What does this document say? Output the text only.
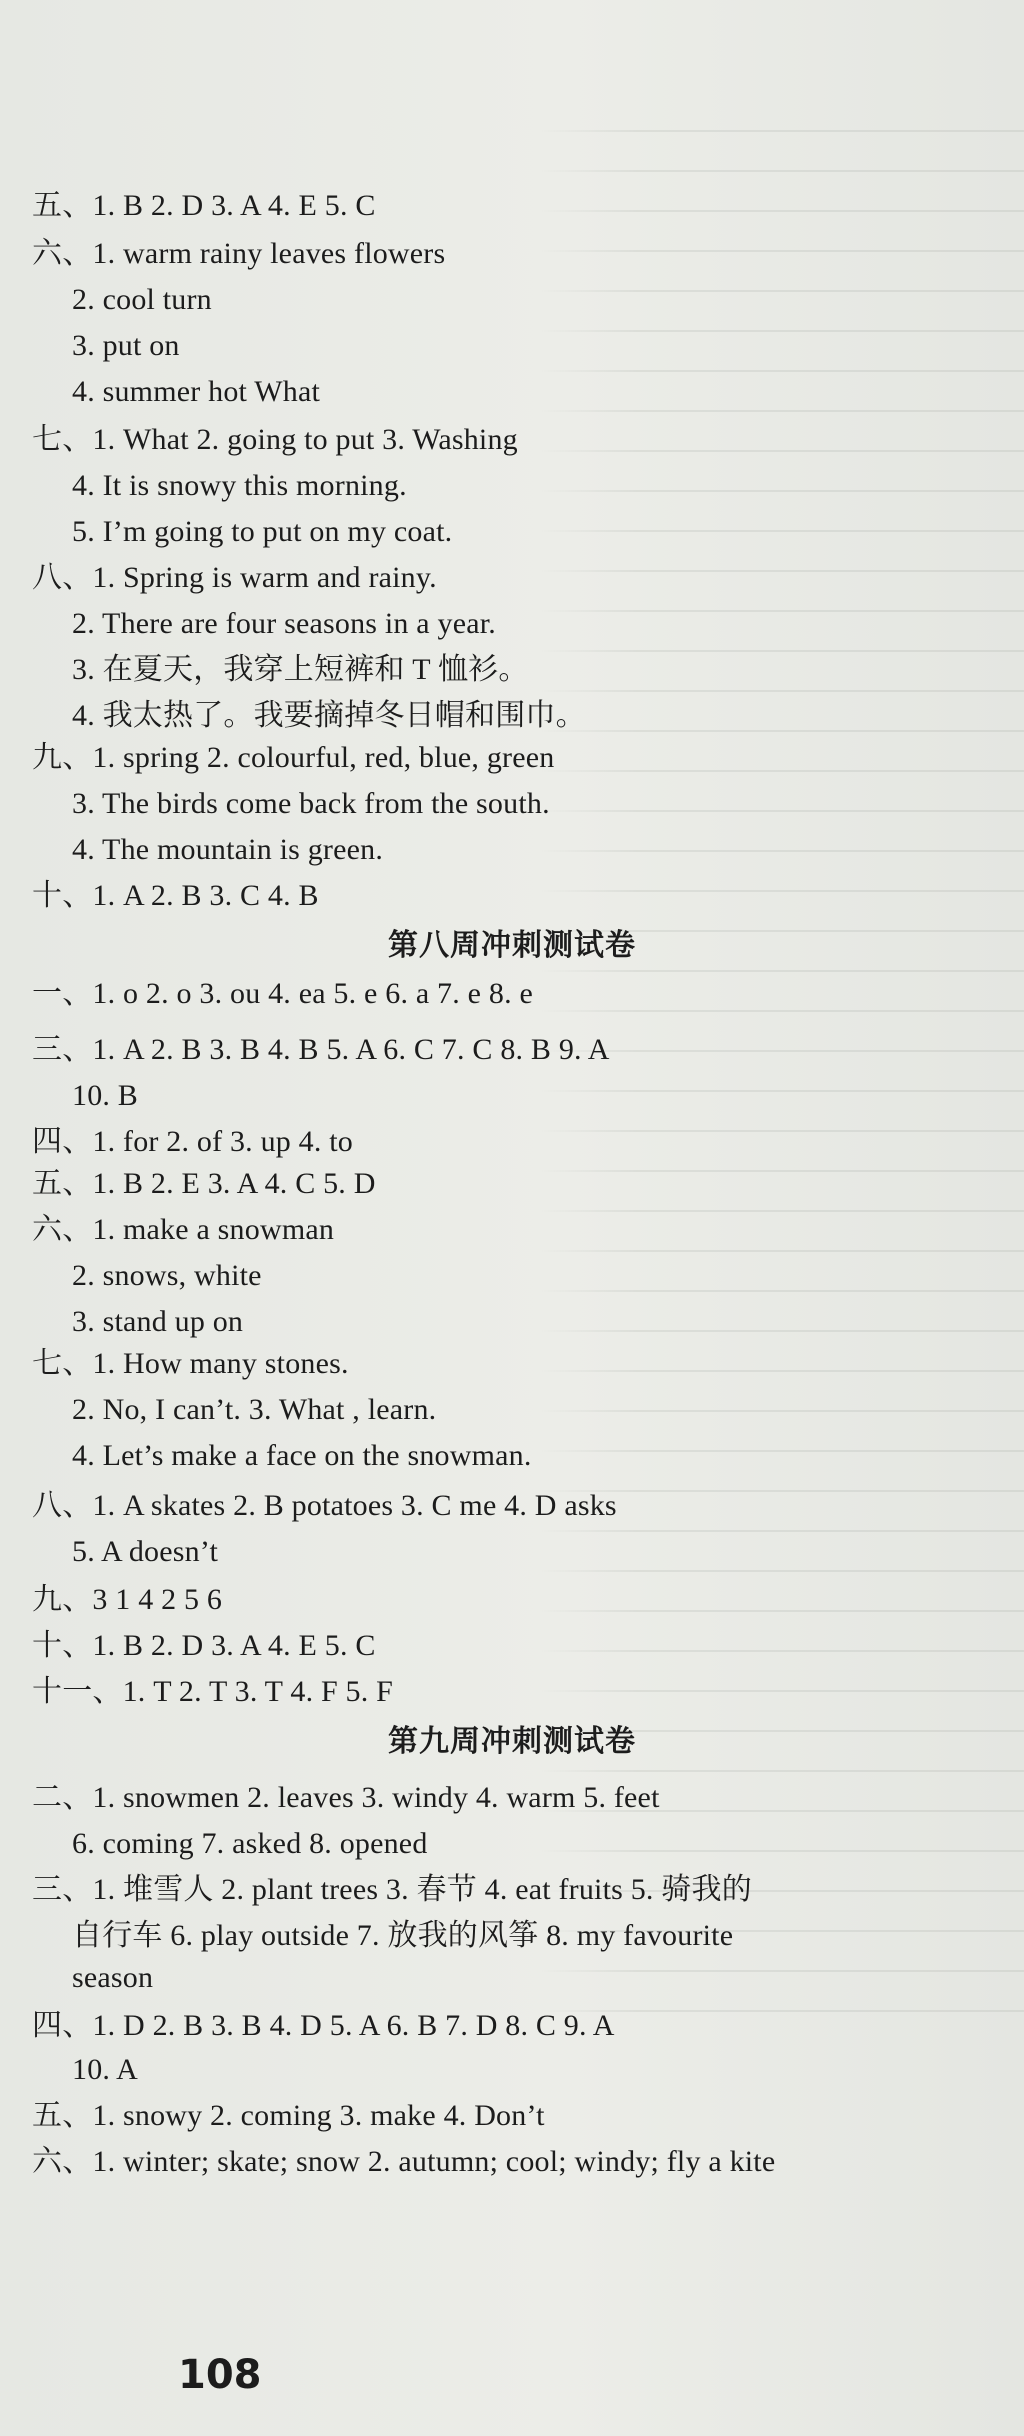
五、1. B 2. D 3. A 4. E 5. C
六、1. warm rainy leaves flowers
2. cool turn
3. put on
4. summer hot What
七、1. What 2. going to put 3. Washing
4. It is snowy this morning.
5. I’m going to put on my coat.
八、1. Spring is warm and rainy.
2. There are four seasons in a year.
3. 在夏天，我穿上短裤和 T 恤衫。
4. 我太热了。我要摘掉冬日帽和围巾。
九、1. spring 2. colourful, red, blue, green
3. The birds come back from the south.
4. The mountain is green.
十、1. A 2. B 3. C 4. B
第八周冲刺测试卷
一、1. o 2. o 3. ou 4. ea 5. e 6. a 7. e 8. e
三、1. A 2. B 3. B 4. B 5. A 6. C 7. C 8. B 9. A
10. B
四、1. for 2. of 3. up 4. to
五、1. B 2. E 3. A 4. C 5. D
六、1. make a snowman
2. snows, white
3. stand up on
七、1. How many stones.
2. No, I can’t. 3. What , learn.
4. Let’s make a face on the snowman.
八、1. A skates 2. B potatoes 3. C me 4. D asks
5. A doesn’t
九、3 1 4 2 5 6
十、1. B 2. D 3. A 4. E 5. C
十一、1. T 2. T 3. T 4. F 5. F
第九周冲刺测试卷
二、1. snowmen 2. leaves 3. windy 4. warm 5. feet
6. coming 7. asked 8. opened
三、1. 堆雪人 2. plant trees 3. 春节 4. eat fruits 5. 骑我的
自行车 6. play outside 7. 放我的风筝 8. my favourite
season
四、1. D 2. B 3. B 4. D 5. A 6. B 7. D 8. C 9. A
10. A
五、1. snowy 2. coming 3. make 4. Don’t
六、1. winter; skate; snow 2. autumn; cool; windy; fly a kite
108
